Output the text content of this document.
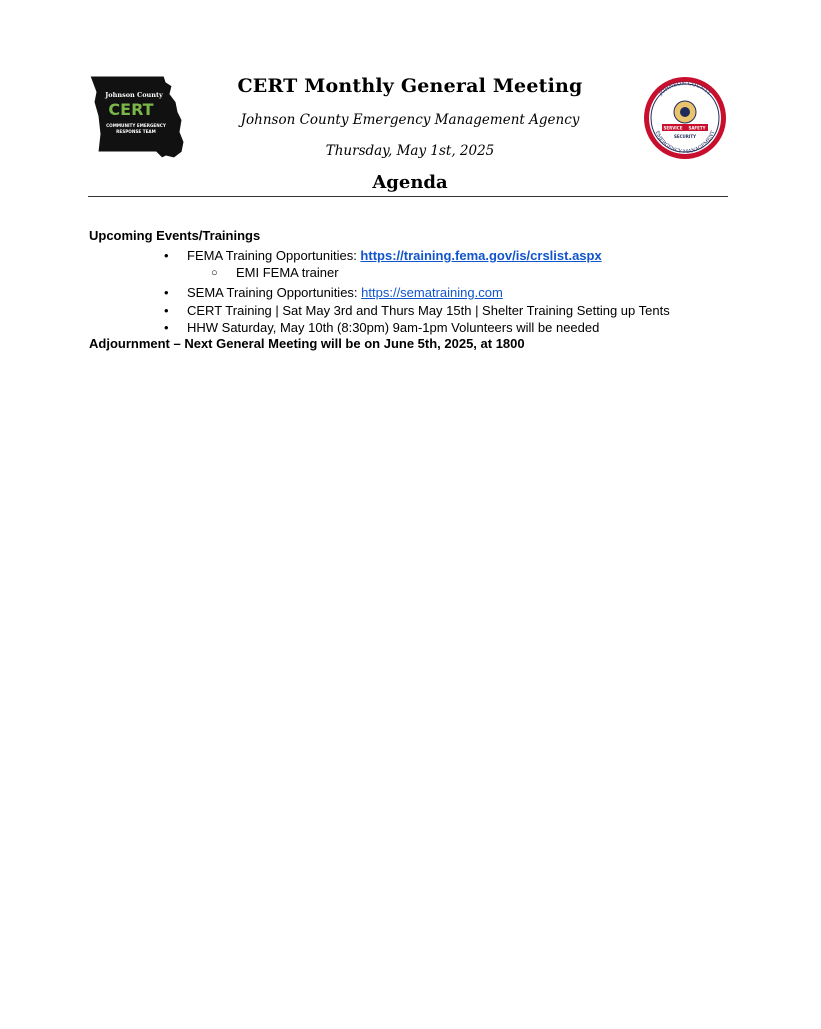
Johnson County
CERT
COMMUNITY EMERGENCY
RESPONSE TEAM
CERT Monthly General Meeting
Johnson County Emergency Management Agency
Thursday, May 1st, 2025
Agenda
JOHNSON COUNTY
EMERGENCY MANAGEMENT
SERVICE SAFETY
SECURITY
Upcoming Events/Trainings
• FEMA Training Opportunities: https://training.fema.gov/is/crslist.aspx
○ EMI FEMA trainer
• SEMA Training Opportunities: https://sematraining.com
• CERT Training | Sat May 3rd and Thurs May 15th | Shelter Training Setting up Tents
• HHW Saturday, May 10th (8:30pm) 9am-1pm Volunteers will be needed
Adjournment – Next General Meeting will be on June 5th, 2025, at 1800
